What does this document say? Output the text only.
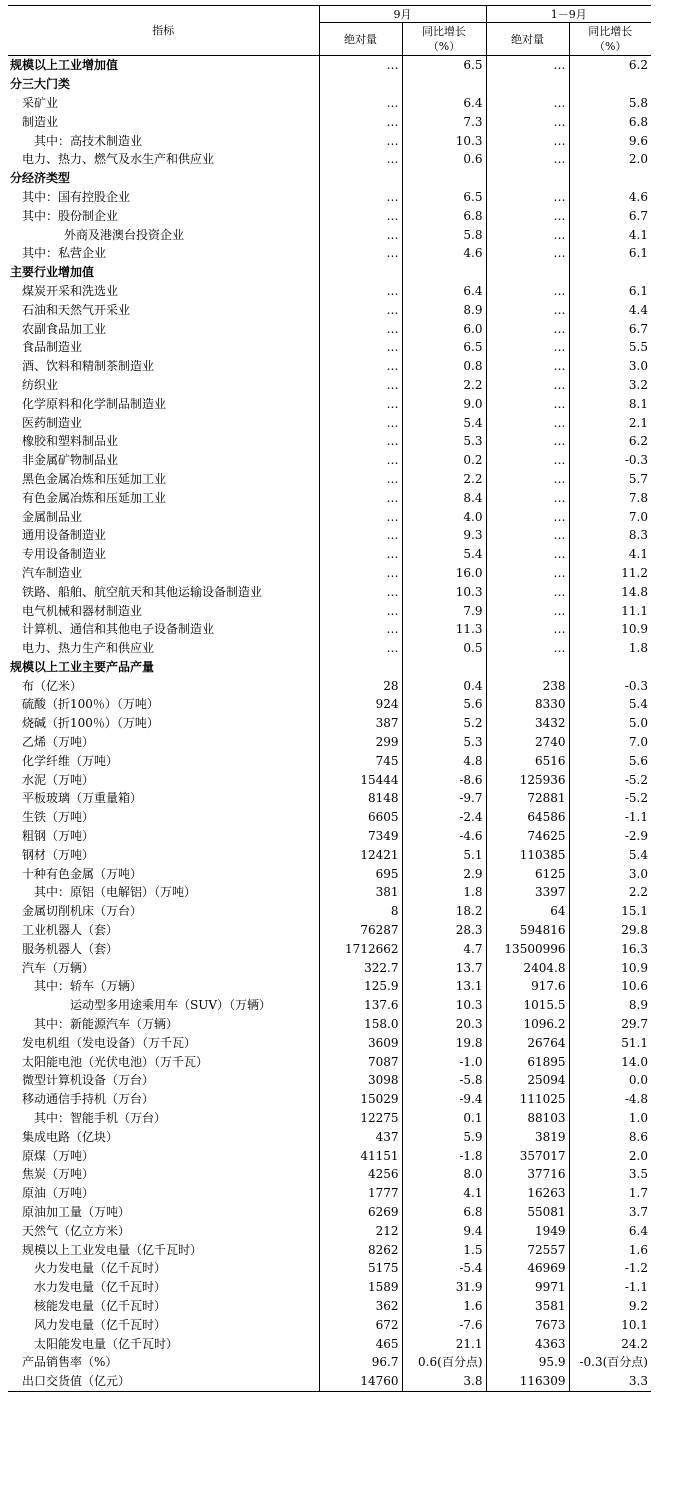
指标	9月		1－9月	
	绝对量	同比增长（%）	绝对量	同比增长（%）
规模以上工业增加值	…	6.5	…	6.2
分三大门类				
采矿业	…	6.4	…	5.8
制造业	…	7.3	…	6.8
其中：高技术制造业	…	10.3	…	9.6
电力、热力、燃气及水生产和供应业	…	0.6	…	2.0
分经济类型				
其中：国有控股企业	…	6.5	…	4.6
其中：股份制企业	…	6.8	…	6.7
外商及港澳台投资企业	…	5.8	…	4.1
其中：私营企业	…	4.6	…	6.1
主要行业增加值				
煤炭开采和洗选业	…	6.4	…	6.1
石油和天然气开采业	…	8.9	…	4.4
农副食品加工业	…	6.0	…	6.7
食品制造业	…	6.5	…	5.5
酒、饮料和精制茶制造业	…	0.8	…	3.0
纺织业	…	2.2	…	3.2
化学原料和化学制品制造业	…	9.0	…	8.1
医药制造业	…	5.4	…	2.1
橡胶和塑料制品业	…	5.3	…	6.2
非金属矿物制品业	…	0.2	…	-0.3
黑色金属冶炼和压延加工业	…	2.2	…	5.7
有色金属冶炼和压延加工业	…	8.4	…	7.8
金属制品业	…	4.0	…	7.0
通用设备制造业	…	9.3	…	8.3
专用设备制造业	…	5.4	…	4.1
汽车制造业	…	16.0	…	11.2
铁路、船舶、航空航天和其他运输设备制造业	…	10.3	…	14.8
电气机械和器材制造业	…	7.9	…	11.1
计算机、通信和其他电子设备制造业	…	11.3	…	10.9
电力、热力生产和供应业	…	0.5	…	1.8
规模以上工业主要产品产量				
布（亿米）	28	0.4	238	-0.3
硫酸（折100％）（万吨）	924	5.6	8330	5.4
烧碱（折100％）（万吨）	387	5.2	3432	5.0
乙烯（万吨）	299	5.3	2740	7.0
化学纤维（万吨）	745	4.8	6516	5.6
水泥（万吨）	15444	-8.6	125936	-5.2
平板玻璃（万重量箱）	8148	-9.7	72881	-5.2
生铁（万吨）	6605	-2.4	64586	-1.1
粗钢（万吨）	7349	-4.6	74625	-2.9
钢材（万吨）	12421	5.1	110385	5.4
十种有色金属（万吨）	695	2.9	6125	3.0
其中：原铝（电解铝）（万吨）	381	1.8	3397	2.2
金属切削机床（万台）	8	18.2	64	15.1
工业机器人（套）	76287	28.3	594816	29.8
服务机器人（套）	1712662	4.7	13500996	16.3
汽车（万辆）	322.7	13.7	2404.8	10.9
其中：轿车（万辆）	125.9	13.1	917.6	10.6
运动型多用途乘用车（SUV）（万辆）	137.6	10.3	1015.5	8.9
其中：新能源汽车（万辆）	158.0	20.3	1096.2	29.7
发电机组（发电设备）（万千瓦）	3609	19.8	26764	51.1
太阳能电池（光伏电池）（万千瓦）	7087	-1.0	61895	14.0
微型计算机设备（万台）	3098	-5.8	25094	0.0
移动通信手持机（万台）	15029	-9.4	111025	-4.8
其中：智能手机（万台）	12275	0.1	88103	1.0
集成电路（亿块）	437	5.9	3819	8.6
原煤（万吨）	41151	-1.8	357017	2.0
焦炭（万吨）	4256	8.0	37716	3.5
原油（万吨）	1777	4.1	16263	1.7
原油加工量（万吨）	6269	6.8	55081	3.7
天然气（亿立方米）	212	9.4	1949	6.4
规模以上工业发电量（亿千瓦时）	8262	1.5	72557	1.6
火力发电量（亿千瓦时）	5175	-5.4	46969	-1.2
水力发电量（亿千瓦时）	1589	31.9	9971	-1.1
核能发电量（亿千瓦时）	362	1.6	3581	9.2
风力发电量（亿千瓦时）	672	-7.6	7673	10.1
太阳能发电量（亿千瓦时）	465	21.1	4363	24.2
产品销售率（%）	96.7	0.6(百分点)	95.9	-0.3(百分点)
出口交货值（亿元）	14760	3.8	116309	3.3
